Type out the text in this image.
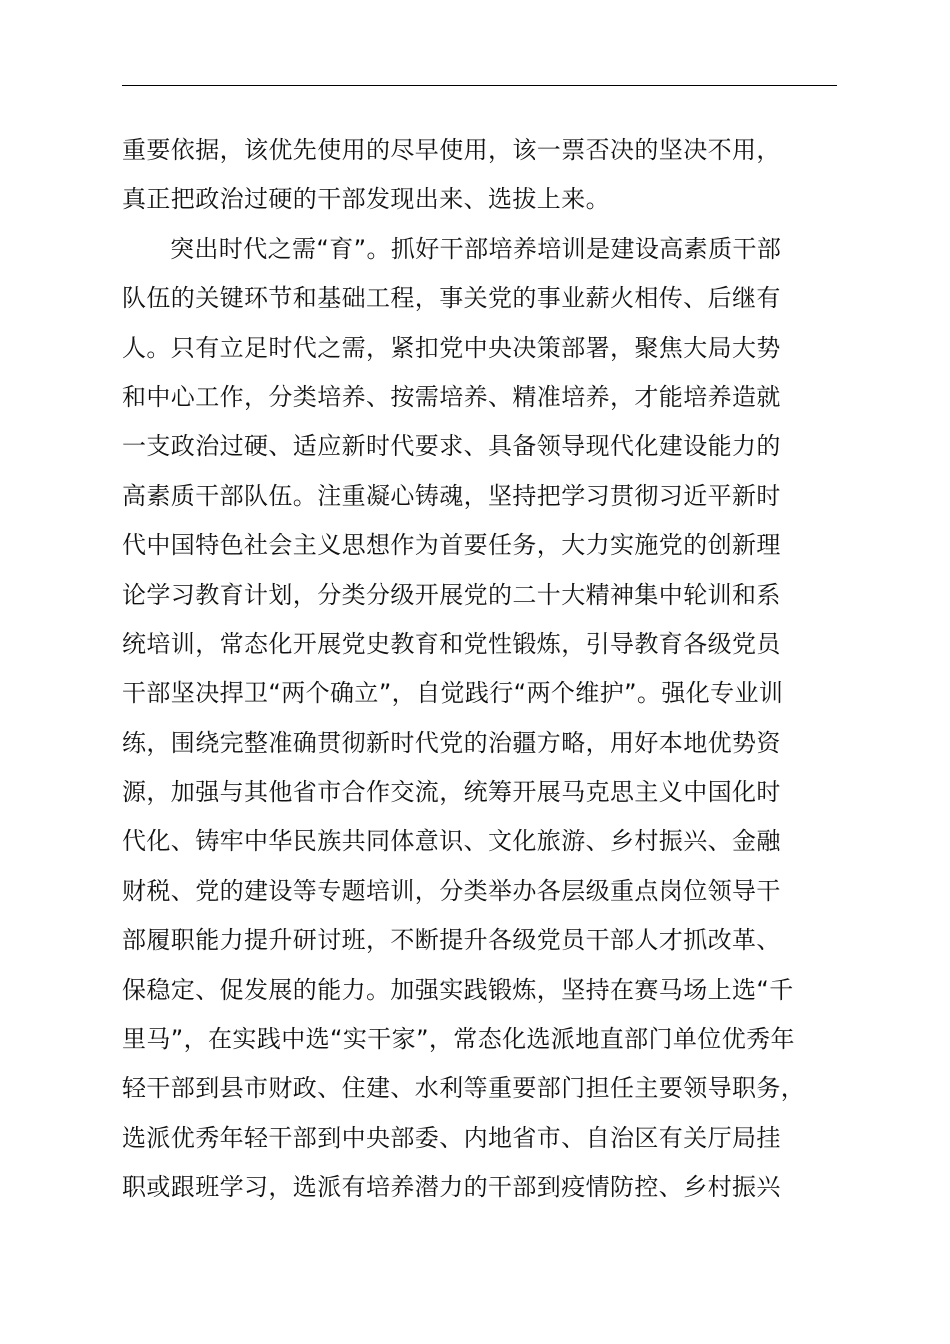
重要依据，该优先使用的尽早使用，该一票否决的坚决不用，
真正把政治过硬的干部发现出来、选拔上来。
突出时代之需“育”。抓好干部培养培训是建设高素质干部
队伍的关键环节和基础工程，事关党的事业薪火相传、后继有
人。只有立足时代之需，紧扣党中央决策部署，聚焦大局大势
和中心工作，分类培养、按需培养、精准培养，才能培养造就
一支政治过硬、适应新时代要求、具备领导现代化建设能力的
高素质干部队伍。注重凝心铸魂，坚持把学习贯彻习近平新时
代中国特色社会主义思想作为首要任务，大力实施党的创新理
论学习教育计划，分类分级开展党的二十大精神集中轮训和系
统培训，常态化开展党史教育和党性锻炼，引导教育各级党员
干部坚决捍卫“两个确立”，自觉践行“两个维护”。强化专业训
练，围绕完整准确贯彻新时代党的治疆方略，用好本地优势资
源，加强与其他省市合作交流，统筹开展马克思主义中国化时
代化、铸牢中华民族共同体意识、文化旅游、乡村振兴、金融
财税、党的建设等专题培训，分类举办各层级重点岗位领导干
部履职能力提升研讨班，不断提升各级党员干部人才抓改革、
保稳定、促发展的能力。加强实践锻炼，坚持在赛马场上选“千
里马”，在实践中选“实干家”，常态化选派地直部门单位优秀年
轻干部到县市财政、住建、水利等重要部门担任主要领导职务，
选派优秀年轻干部到中央部委、内地省市、自治区有关厅局挂
职或跟班学习，选派有培养潜力的干部到疫情防控、乡村振兴
